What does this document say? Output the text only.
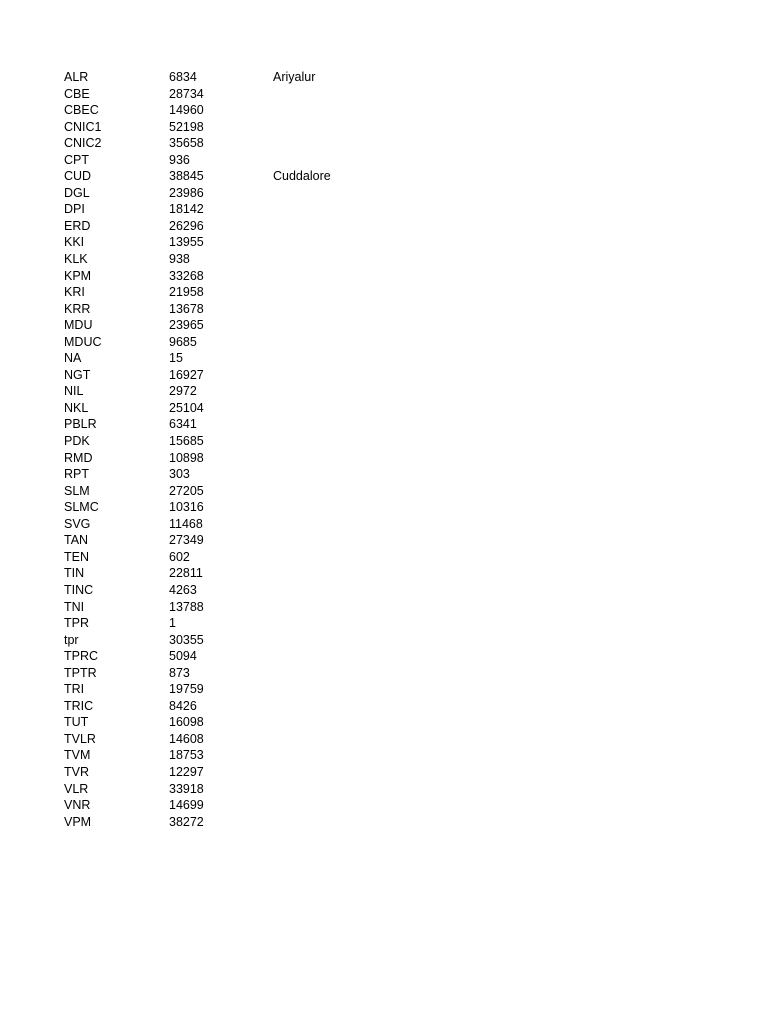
ALR	6834	Ariyalur
CBE	28734	
CBEC	14960	
CNIC1	52198	
CNIC2	35658	
CPT	936	
CUD	38845	Cuddalore
DGL	23986	
DPI	18142	
ERD	26296	
KKI	13955	
KLK	938	
KPM	33268	
KRI	21958	
KRR	13678	
MDU	23965	
MDUC	9685	
NA	15	
NGT	16927	
NIL	2972	
NKL	25104	
PBLR	6341	
PDK	15685	
RMD	10898	
RPT	303	
SLM	27205	
SLMC	10316	
SVG	11468	
TAN	27349	
TEN	602	
TIN	22811	
TINC	4263	
TNI	13788	
TPR	1	
tpr	30355	
TPRC	5094	
TPTR	873	
TRI	19759	
TRIC	8426	
TUT	16098	
TVLR	14608	
TVM	18753	
TVR	12297	
VLR	33918	
VNR	14699	
VPM	38272	
